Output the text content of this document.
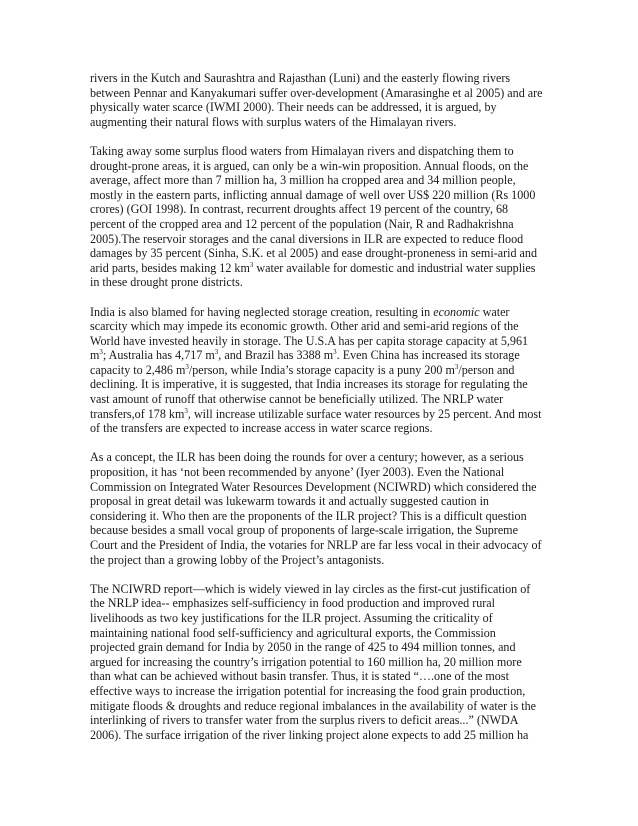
rivers in the Kutch and Saurashtra and Rajasthan (Luni) and the easterly flowing rivers
between Pennar and Kanyakumari suffer over-development (Amarasinghe et al 2005) and are
physically water scarce (IWMI 2000). Their needs can be addressed, it is argued, by
augmenting their natural flows with surplus waters of the Himalayan rivers.
Taking away some surplus flood waters from Himalayan rivers and dispatching them to
drought-prone areas, it is argued, can only be a win-win proposition. Annual floods, on the
average, affect more than 7 million ha, 3 million ha cropped area and 34 million people,
mostly in the eastern parts, inflicting annual damage of well over US$ 220 million (Rs 1000
crores) (GOI 1998). In contrast, recurrent droughts affect 19 percent of the country, 68
percent of the cropped area and 12 percent of the population (Nair, R and Radhakrishna
2005).The reservoir storages and the canal diversions in ILR are expected to reduce flood
damages by 35 percent (Sinha, S.K. et al 2005) and ease drought-proneness in semi-arid and
arid parts, besides making 12 $km^3$ water available for domestic and industrial water supplies
in these drought prone districts.
India is also blamed for having neglected storage creation, resulting in economic water
scarcity which may impede its economic growth. Other arid and semi-arid regions of the
World have invested heavily in storage. The U.S.A has per capita storage capacity at 5,961
$m^3$; Australia has 4,717 $m^3$, and Brazil has 3388 $m^3$. Even China has increased its storage
capacity to 2,486 $m^3$/person, while India’s storage capacity is a puny 200 $m^3$/person and
declining. It is imperative, it is suggested, that India increases its storage for regulating the
vast amount of runoff that otherwise cannot be beneficially utilized. The NRLP water
transfers,of 178 $km^3$, will increase utilizable surface water resources by 25 percent. And most
of the transfers are expected to increase access in water scarce regions.
As a concept, the ILR has been doing the rounds for over a century; however, as a serious
proposition, it has ‘not been recommended by anyone’ (Iyer 2003). Even the National
Commission on Integrated Water Resources Development (NCIWRD) which considered the
proposal in great detail was lukewarm towards it and actually suggested caution in
considering it. Who then are the proponents of the ILR project? This is a difficult question
because besides a small vocal group of proponents of large-scale irrigation, the Supreme
Court and the President of India, the votaries for NRLP are far less vocal in their advocacy of
the project than a growing lobby of the Project’s antagonists.
The NCIWRD report—which is widely viewed in lay circles as the first-cut justification of
the NRLP idea-- emphasizes self-sufficiency in food production and improved rural
livelihoods as two key justifications for the ILR project. Assuming the criticality of
maintaining national food self-sufficiency and agricultural exports, the Commission
projected grain demand for India by 2050 in the range of 425 to 494 million tonnes, and
argued for increasing the country’s irrigation potential to 160 million ha, 20 million more
than what can be achieved without basin transfer. Thus, it is stated “….one of the most
effective ways to increase the irrigation potential for increasing the food grain production,
mitigate floods & droughts and reduce regional imbalances in the availability of water is the
interlinking of rivers to transfer water from the surplus rivers to deficit areas...” (NWDA
2006). The surface irrigation of the river linking project alone expects to add 25 million ha
